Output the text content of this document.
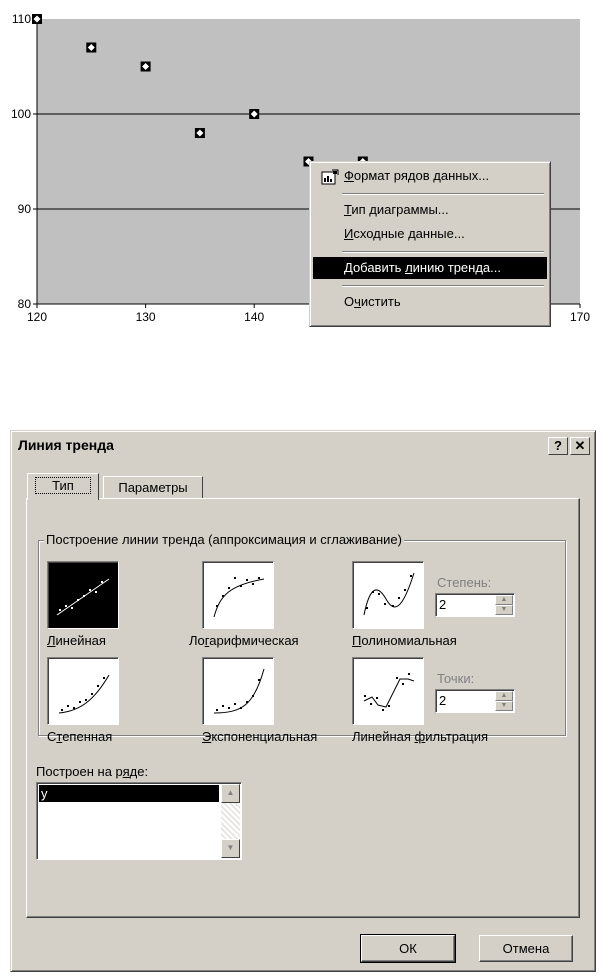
80
90
100
110
120	130	140	170
Формат рядов данных...
Тип диаграммы...
Исходные данные...
Добавить линию тренда...
Очистить
Линия тренда	? ✕
Тип	Параметры
Построение линии тренда (аппроксимация и сглаживание)
Линейная	Логарифмическая	Полиномиальная
Степень:
2	▲
▼
Степенная	Экспоненциальная	Линейная фильтрация
Точки:
2	▲
▼
Построен на ряде:
y	▲
▼
ОК	Отмена
